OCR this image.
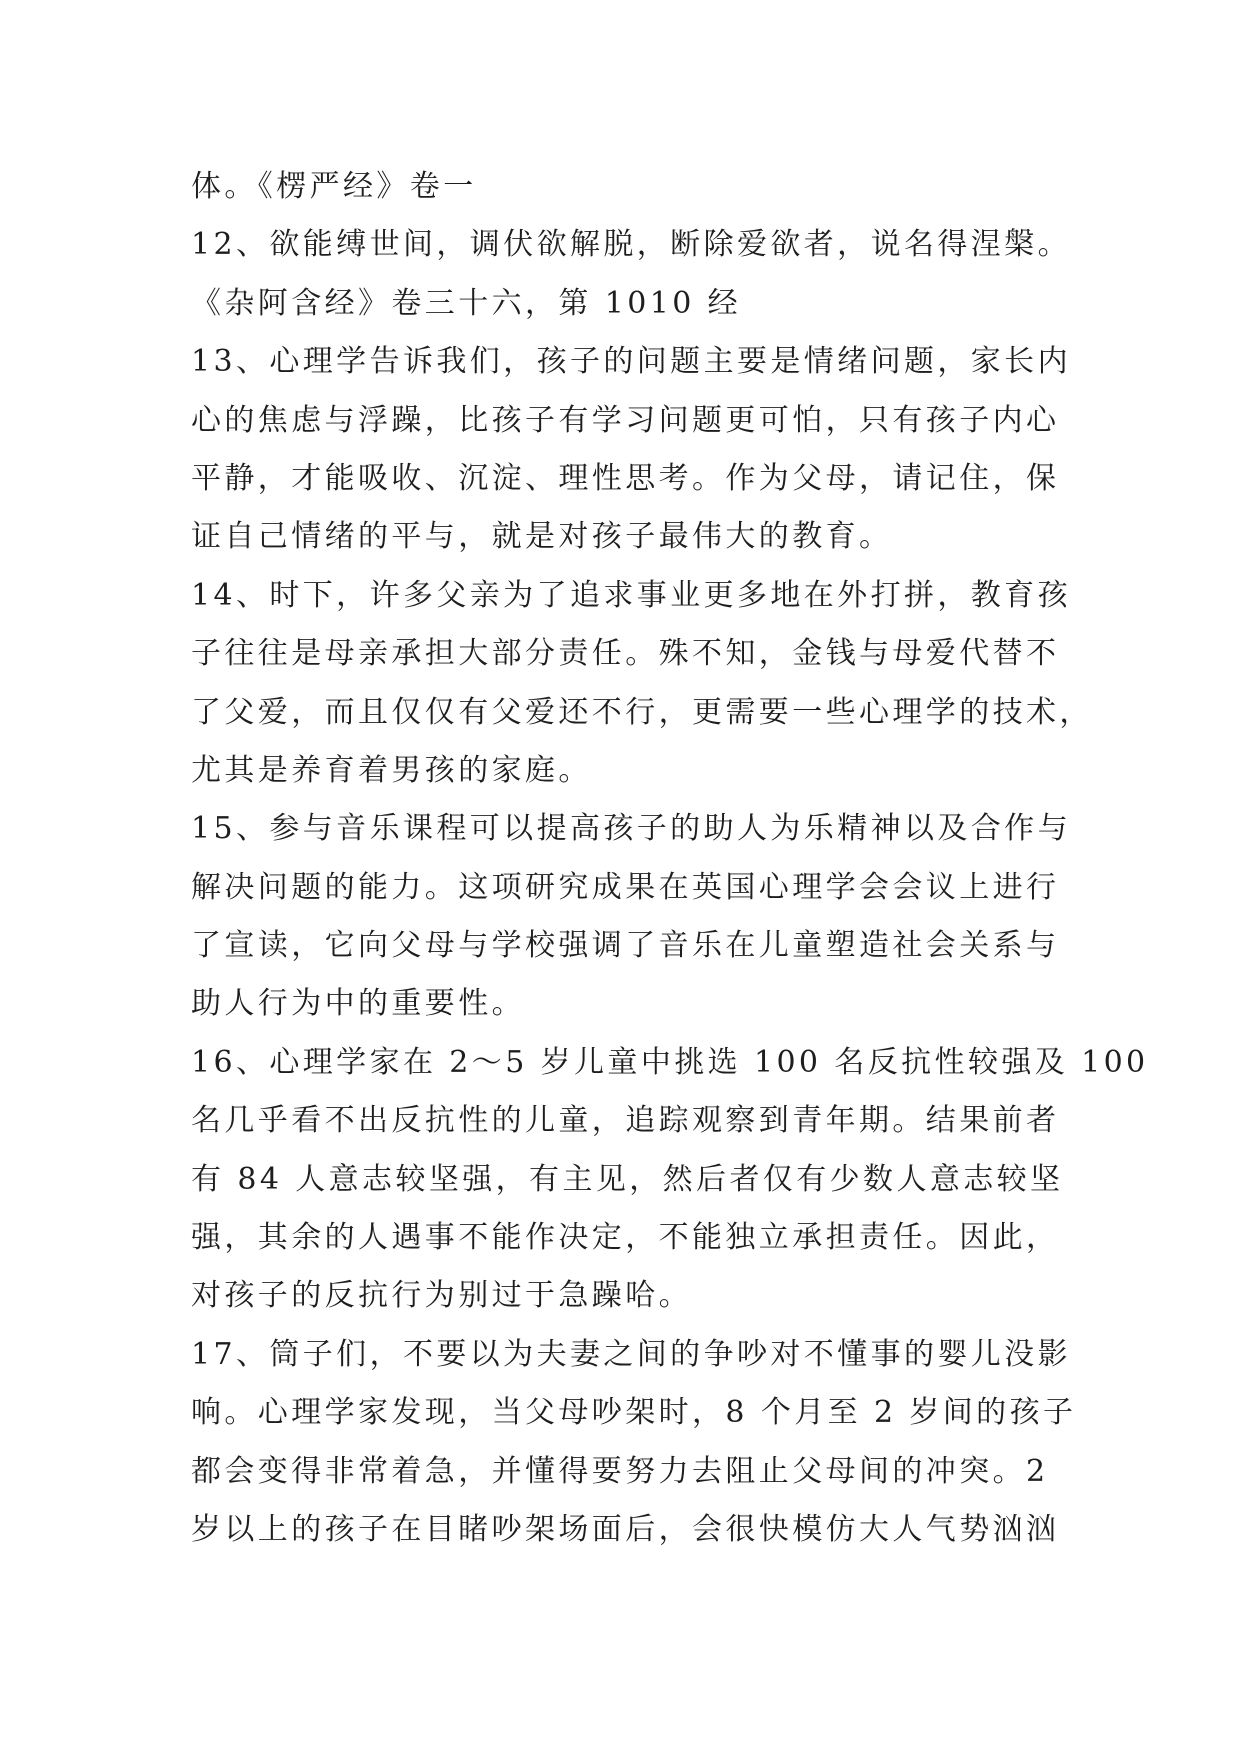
体。《楞严经》卷一
12、欲能缚世间，调伏欲解脱，断除爱欲者，说名得涅槃。
《杂阿含经》卷三十六，第 1010 经
13、心理学告诉我们，孩子的问题主要是情绪问题，家长内
心的焦虑与浮躁，比孩子有学习问题更可怕，只有孩子内心
平静，才能吸收、沉淀、理性思考。作为父母，请记住，保
证自己情绪的平与，就是对孩子最伟大的教育。
14、时下，许多父亲为了追求事业更多地在外打拼，教育孩
子往往是母亲承担大部分责任。殊不知，金钱与母爱代替不
了父爱，而且仅仅有父爱还不行，更需要一些心理学的技术，
尤其是养育着男孩的家庭。
15、参与音乐课程可以提高孩子的助人为乐精神以及合作与
解决问题的能力。这项研究成果在英国心理学会会议上进行
了宣读，它向父母与学校强调了音乐在儿童塑造社会关系与
助人行为中的重要性。
16、心理学家在 2～5 岁儿童中挑选 100 名反抗性较强及 100
名几乎看不出反抗性的儿童，追踪观察到青年期。结果前者
有 84 人意志较坚强，有主见，然后者仅有少数人意志较坚
强，其余的人遇事不能作决定，不能独立承担责任。因此，
对孩子的反抗行为别过于急躁哈。
17、筒子们，不要以为夫妻之间的争吵对不懂事的婴儿没影
响。心理学家发现，当父母吵架时，8 个月至 2 岁间的孩子
都会变得非常着急，并懂得要努力去阻止父母间的冲突。2
岁以上的孩子在目睹吵架场面后，会很快模仿大人气势汹汹
